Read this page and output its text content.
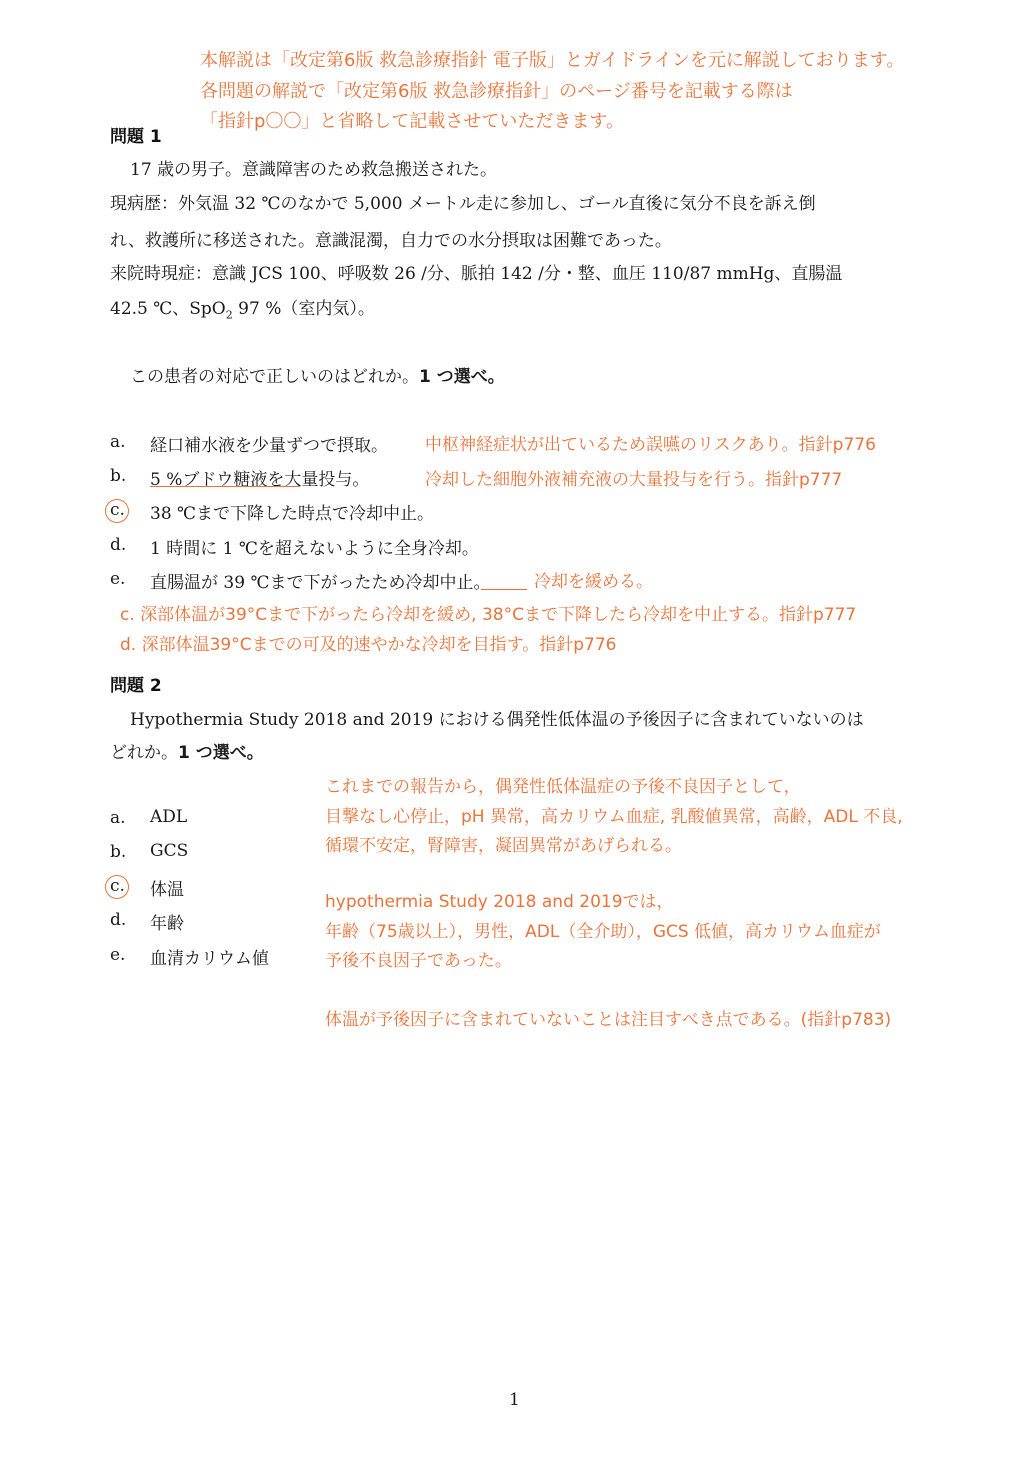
本解説は「改定第6版 救急診療指針 電子版」とガイドラインを元に解説しております。
各問題の解説で「改定第6版 救急診療指針」のページ番号を記載する際は
「指針p〇〇」と省略して記載させていただきます。
問題 1
17 歳の男子。意識障害のため救急搬送された。
現病歴：外気温 32 ℃のなかで 5,000 メートル走に参加し、ゴール直後に気分不良を訴え倒
れ、救護所に移送された。意識混濁，自力での水分摂取は困難であった。
来院時現症：意識 JCS 100、呼吸数 26 /分、脈拍 142 /分・整、血圧 110/87 mmHg、直腸温
42.5 ℃、SpO$_2$ 97 %（室内気）。
この患者の対応で正しいのはどれか。1 つ選べ。
a. 経口補水液を少量ずつで摂取。 中枢神経症状が出ているため誤嚥のリスクあり。指針p776
b. 5 %ブドウ糖液を大量投与。	冷却した細胞外液補充液の大量投与を行う。指針p777
c. 38 ℃まで下降した時点で冷却中止。
d. 1 時間に 1 ℃を超えないように全身冷却。
e. 直腸温が 39 ℃まで下がったため冷却中止。	冷却を緩める。
c. 深部体温が39°Cまで下がったら冷却を緩め, 38°Cまで下降したら冷却を中止する。指針p777
d. 深部体温39°Cまでの可及的速やかな冷却を目指す。指針p776
問題 2
Hypothermia Study 2018 and 2019 における偶発性低体温の予後因子に含まれていないのは
どれか。1 つ選べ。
a. ADL
b. GCS
c. 体温
d. 年齢
e. 血清カリウム値
これまでの報告から，偶発性低体温症の予後不良因子として，
目撃なし心停止，pH 異常，高カリウム血症, 乳酸値異常，高齢，ADL 不良,
循環不安定，腎障害，凝固異常があげられる。
hypothermia Study 2018 and 2019では，
年齢（75歳以上），男性，ADL（全介助），GCS 低値，高カリウム血症が
予後不良因子であった。
体温が予後因子に含まれていないことは注目すべき点である。(指針p783)
1
